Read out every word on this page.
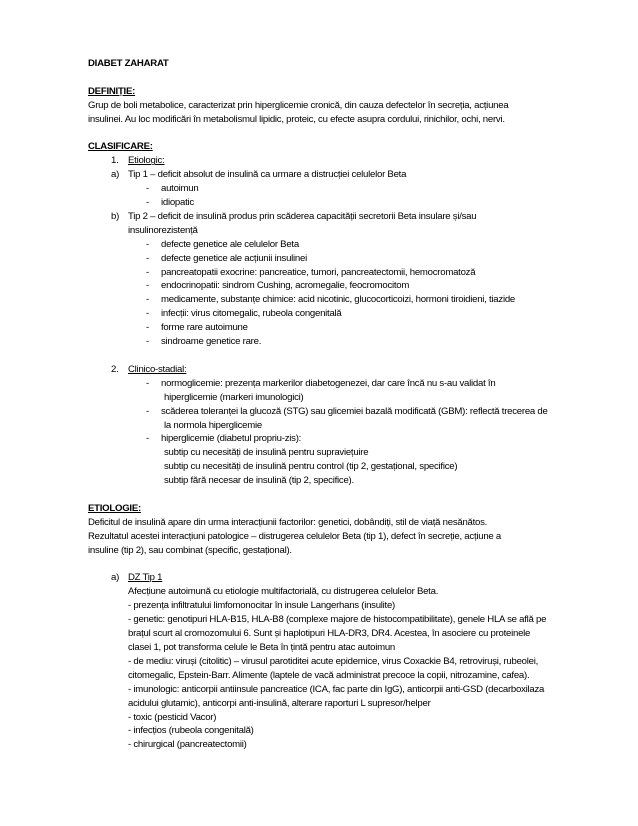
DIABET ZAHARAT
DEFINIȚIE:
Grup de boli metabolice, caracterizat prin hiperglicemie cronică, din cauza defectelor în secreția, acțiunea
insulinei. Au loc modificări în metabolismul lipidic, proteic, cu efecte asupra cordului, rinichilor, ochi, nervi.
CLASIFICARE:
1. Etiologic:
a) Tip 1 – deficit absolut de insulină ca urmare a distrucției celulelor Beta
- autoimun
- idiopatic
b) Tip 2 – deficit de insulină produs prin scăderea capacității secretorii Beta insulare și/sau
insulinorezistență
- defecte genetice ale celulelor Beta
- defecte genetice ale acțiunii insulinei
- pancreatopatii exocrine: pancreatice, tumori, pancreatectomii, hemocromatoză
- endocrinopatii: sindrom Cushing, acromegalie, feocromocitom
- medicamente, substanțe chimice: acid nicotinic, glucocorticoizi, hormoni tiroidieni, tiazide
- infecții: virus citomegalic, rubeola congenitală
- forme rare autoimune
- sindroame genetice rare.
2. Clinico-stadial:
- normoglicemie: prezența markerilor diabetogenezei, dar care încă nu s-au validat în
hiperglicemie (markeri imunologici)
- scăderea toleranței la glucoză (STG) sau glicemiei bazală modificată (GBM): reflectă trecerea de
la normola hiperglicemie
- hiperglicemie (diabetul propriu-zis):
subtip cu necesități de insulină pentru supraviețuire
subtip cu necesități de insulină pentru control (tip 2, gestațional, specifice)
subtip fără necesar de insulină (tip 2, specifice).
ETIOLOGIE:
Deficitul de insulină apare din urma interacțiunii factorilor: genetici, dobândiți, stil de viață nesănătos.
Rezultatul acestei interacțiuni patologice – distrugerea celulelor Beta (tip 1), defect în secreție, acțiune a
insuline (tip 2), sau combinat (specific, gestațional).
a) DZ Tip 1
Afecțiune autoimună cu etiologie multifactorială, cu distrugerea celulelor Beta.
- prezența infiltratului limfomonocitar în insule Langerhans (insulite)
- genetic: genotipuri HLA-B15, HLA-B8 (complexe majore de histocompatibilitate), genele HLA se află pe
brațul scurt al cromozomului 6. Sunt și haplotipuri HLA-DR3, DR4. Acestea, în asociere cu proteinele
clasei 1, pot transforma celule le Beta în țintă pentru atac autoimun
- de mediu: viruși (citolitic) – virusul parotiditei acute epidemice, virus Coxackie B4, retroviruși, rubeolei,
citomegalic, Epstein-Barr. Alimente (laptele de vacă administrat precoce la copii, nitrozamine, cafea).
- imunologic: anticorpii antiinsule pancreatice (ICA, fac parte din IgG), anticorpii anti-GSD (decarboxilaza
acidului glutamic), anticorpi anti-insulină, alterare raporturi L supresor/helper
- toxic (pesticid Vacor)
- infecțios (rubeola congenitală)
- chirurgical (pancreatectomii)
